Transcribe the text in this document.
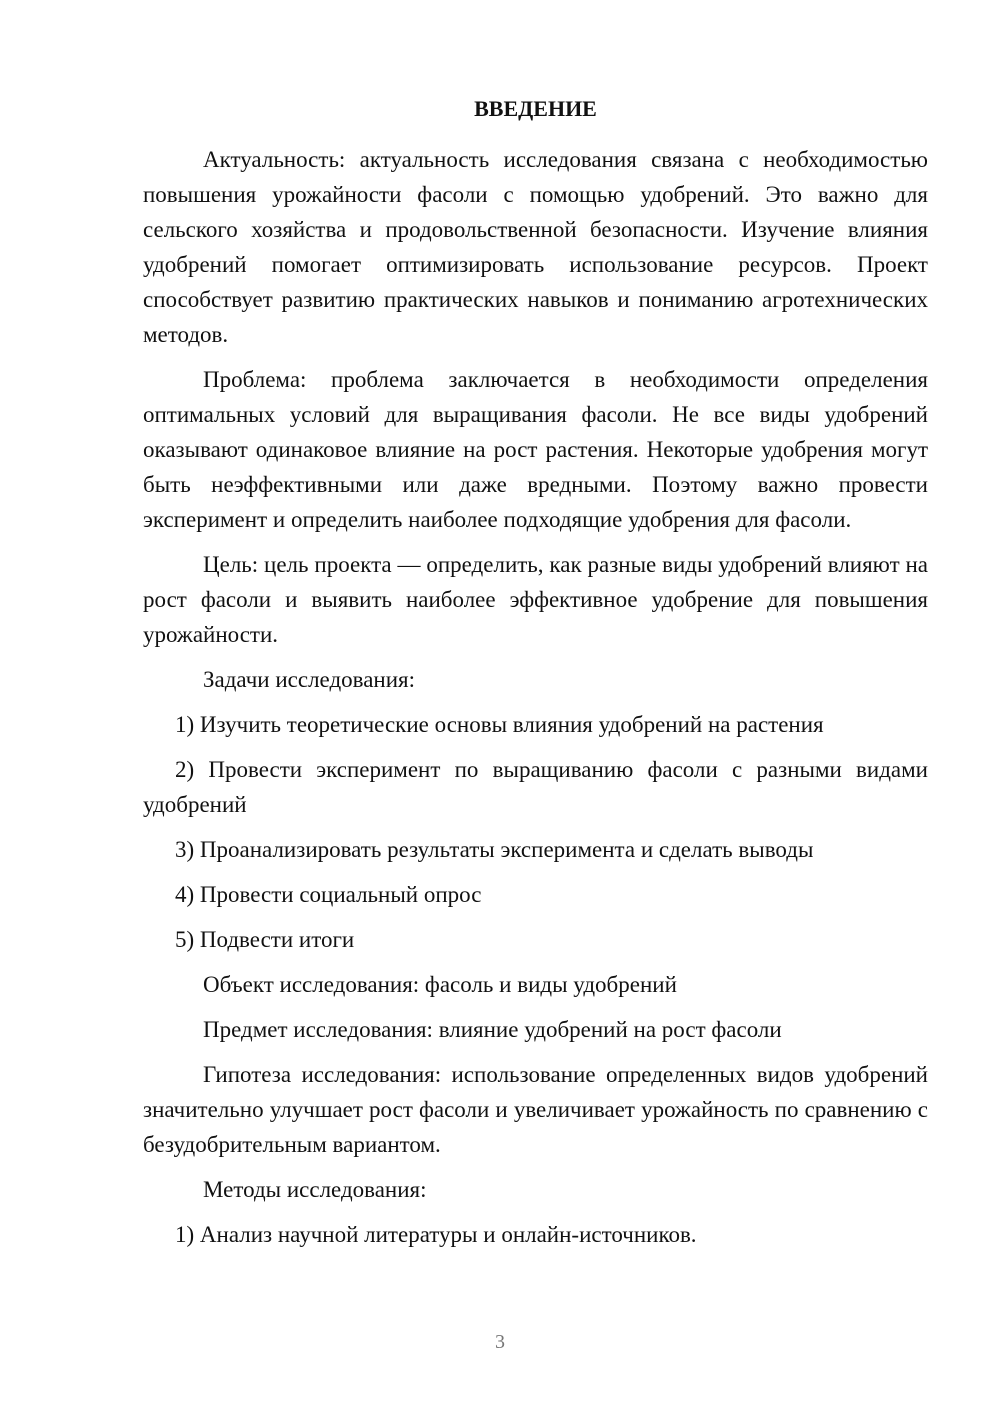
ВВЕДЕНИЕ

Актуальность: актуальность исследования связана с необходимостью повышения урожайности фасоли с помощью удобрений. Это важно для сельского хозяйства и продовольственной безопасности. Изучение влияния удобрений помогает оптимизировать использование ресурсов. Проект способствует развитию практических навыков и пониманию агротехнических методов.

Проблема: проблема заключается в необходимости определения оптимальных условий для выращивания фасоли. Не все виды удобрений оказывают одинаковое влияние на рост растения. Некоторые удобрения могут быть неэффективными или даже вредными. Поэтому важно провести эксперимент и определить наиболее подходящие удобрения для фасоли.

Цель: цель проекта — определить, как разные виды удобрений влияют на рост фасоли и выявить наиболее эффективное удобрение для повышения урожайности.

Задачи исследования:

1) Изучить теоретические основы влияния удобрений на растения

2) Провести эксперимент по выращиванию фасоли с разными видами удобрений

3) Проанализировать результаты эксперимента и сделать выводы

4) Провести социальный опрос

5) Подвести итоги

Объект исследования: фасоль и виды удобрений

Предмет исследования: влияние удобрений на рост фасоли

Гипотеза исследования: использование определенных видов удобрений значительно улучшает рост фасоли и увеличивает урожайность по сравнению с безудобрительным вариантом.

Методы исследования:

1) Анализ научной литературы и онлайн-источников.

3
